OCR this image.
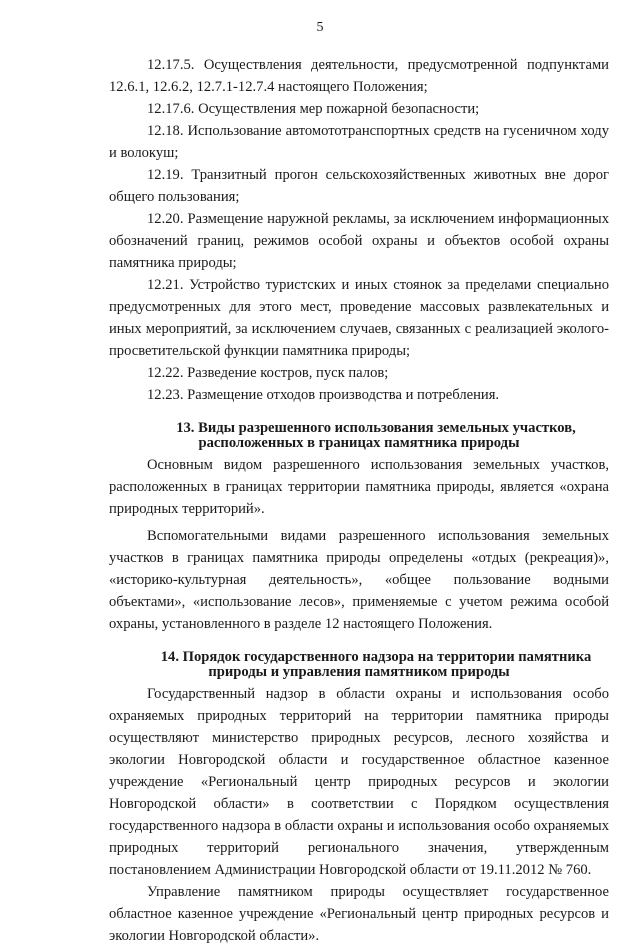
5

12.17.5. Осуществления деятельности, предусмотренной подпунктами 12.6.1, 12.6.2, 12.7.1-12.7.4 настоящего Положения;

12.17.6. Осуществления мер пожарной безопасности;

12.18. Использование автомототранспортных средств на гусеничном ходу и волокуш;

12.19. Транзитный прогон сельскохозяйственных животных вне дорог общего пользования;

12.20. Размещение наружной рекламы, за исключением информационных обозначений границ, режимов особой охраны и объектов особой охраны памятника природы;

12.21. Устройство туристских и иных стоянок за пределами специально предусмотренных для этого мест, проведение массовых развлекательных и иных мероприятий, за исключением случаев, связанных с реализацией эколого-просветительской функции памятника природы;

12.22. Разведение костров, пуск палов;

12.23. Размещение отходов производства и потребления.

13. Виды разрешенного использования земельных участков,
расположенных в границах памятника природы

Основным видом разрешенного использования земельных участков, расположенных в границах территории памятника природы, является «охрана природных территорий».

Вспомогательными видами разрешенного использования земельных участков в границах памятника природы определены «отдых (рекреация)», «историко-культурная деятельность», «общее пользование водными объектами», «использование лесов», применяемые с учетом режима особой охраны, установленного в разделе 12 настоящего Положения.

14. Порядок государственного надзора на территории памятника
природы и управления памятником природы

Государственный надзор в области охраны и использования особо охраняемых природных территорий на территории памятника природы осуществляют министерство природных ресурсов, лесного хозяйства и экологии Новгородской области и государственное областное казенное учреждение «Региональный центр природных ресурсов и экологии Новгородской области» в соответствии с Порядком осуществления государственного надзора в области охраны и использования особо охраняемых природных территорий регионального значения, утвержденным постановлением Администрации Новгородской области от 19.11.2012 № 760.

Управление памятником природы осуществляет государственное областное казенное учреждение «Региональный центр природных ресурсов и экологии Новгородской области».
